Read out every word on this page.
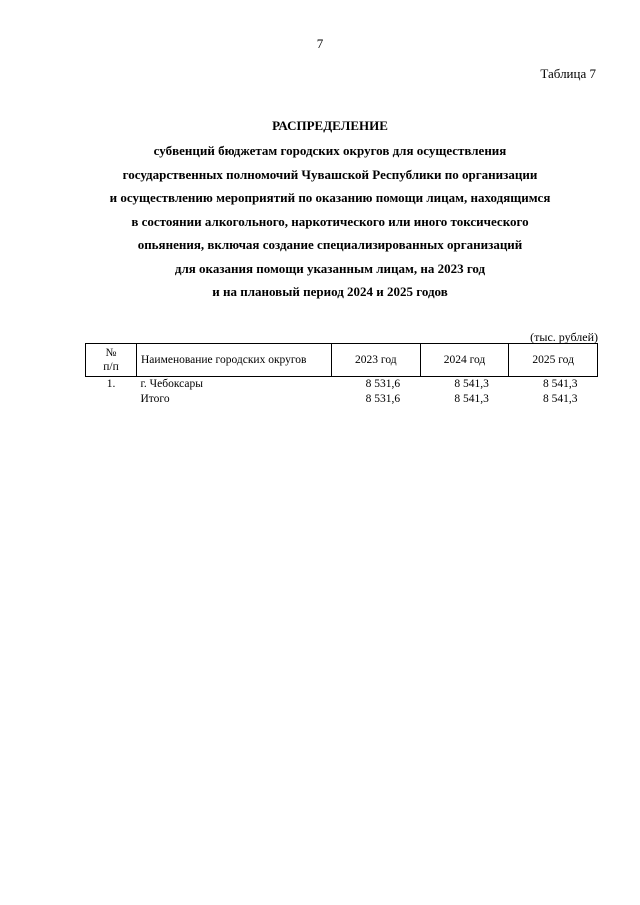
7
Таблица 7
РАСПРЕДЕЛЕНИЕ
субвенций бюджетам городских округов для осуществления
государственных полномочий Чувашской Республики по организации
и осуществлению мероприятий по оказанию помощи лицам, находящимся
в состоянии алкогольного, наркотического или иного токсического
опьянения, включая создание специализированных организаций
для оказания помощи указанным лицам, на 2023 год
и на плановый период 2024 и 2025 годов
(тыс. рублей)
№
п/п	Наименование городских округов	2023 год	2024 год	2025 год
1.	г. Чебоксары	8 531,6	8 541,3	8 541,3
	Итого	8 531,6	8 541,3	8 541,3
